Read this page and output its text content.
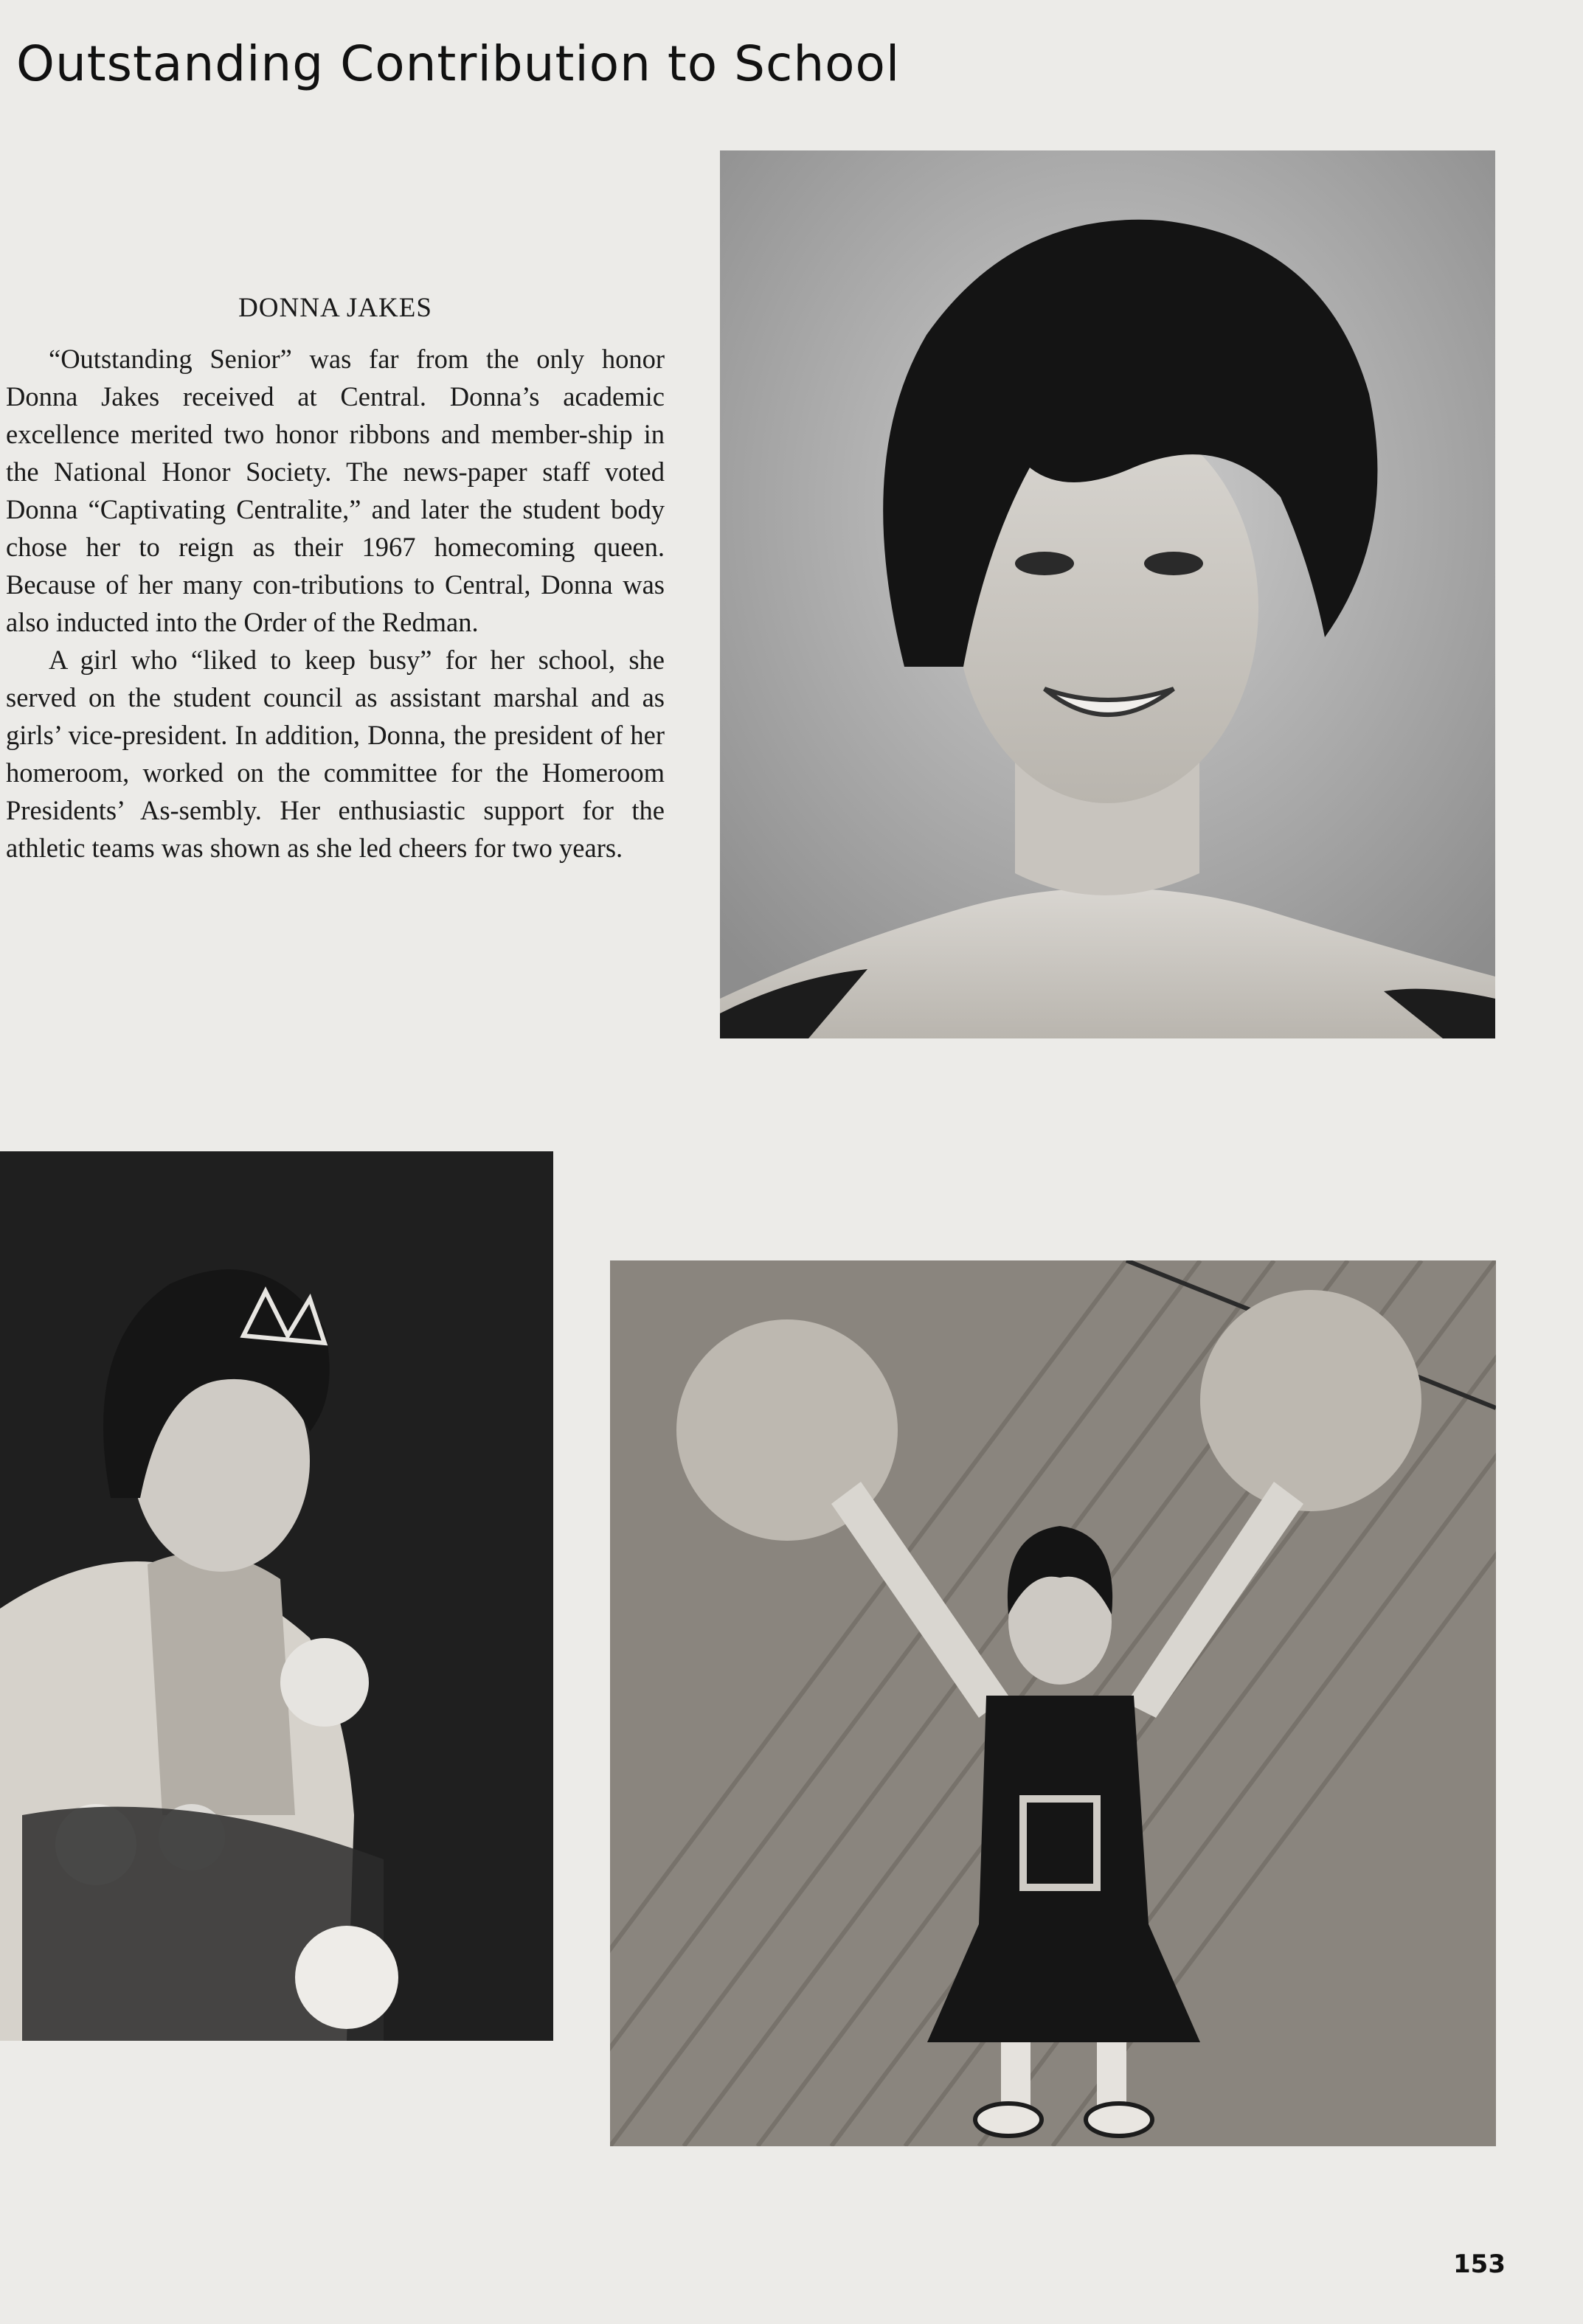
Outstanding Contribution to School
DONNA JAKES

“Outstanding Senior” was far from the only honor Donna Jakes received at Central. Donna’s academic excellence merited two honor ribbons and member-ship in the National Honor Society. The news-paper staff voted Donna “Captivating Centralite,” and later the student body chose her to reign as their 1967 homecoming queen. Because of her many con-tributions to Central, Donna was also inducted into the Order of the Redman.

A girl who “liked to keep busy” for her school, she served on the student council as assistant marshal and as girls’ vice-president. In addition, Donna, the president of her homeroom, worked on the committee for the Homeroom Presidents’ As-sembly. Her enthusiastic support for the athletic teams was shown as she led cheers for two years.

153
